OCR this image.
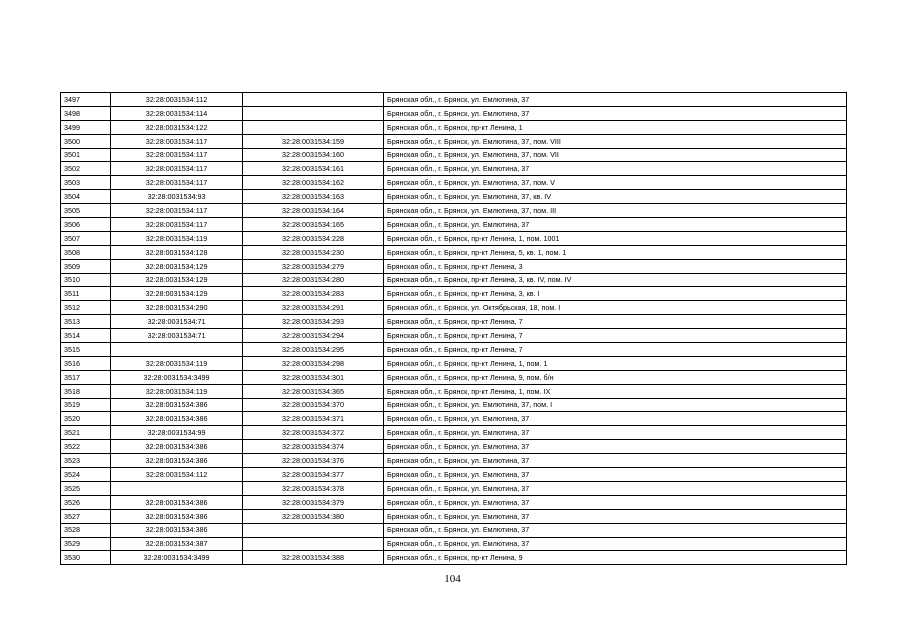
3497	32:28:0031534:112		Брянская обл., г. Брянск, ул. Емлютина, 37
3498	32:28:0031534:114		Брянская обл., г. Брянск, ул. Емлютина, 37
3499	32:28:0031534:122		Брянская обл., г. Брянск, пр-кт Ленина, 1
3500	32:28:0031534:117	32:28:0031534:159	Брянская обл., г. Брянск, ул. Емлютина, 37, пом. VIII
3501	32:28:0031534:117	32:28:0031534:160	Брянская обл., г. Брянск, ул. Емлютина, 37, пом. VII
3502	32:28:0031534:117	32:28:0031534:161	Брянская обл., г. Брянск, ул. Емлютина, 37
3503	32:28:0031534:117	32:28:0031534:162	Брянская обл., г. Брянск, ул. Емлютина, 37, пом. V
3504	32:28:0031534:93	32:28:0031534:163	Брянская обл., г. Брянск, ул. Емлютина, 37, кв. IV
3505	32:28:0031534:117	32:28:0031534:164	Брянская обл., г. Брянск, ул. Емлютина, 37, пом. III
3506	32:28:0031534:117	32:28:0031534:165	Брянская обл., г. Брянск, ул. Емлютина, 37
3507	32:28:0031534:119	32:28:0031534:228	Брянская обл., г. Брянск, пр-кт Ленина, 1, пом. 1001
3508	32:28:0031534:128	32:28:0031534:230	Брянская обл., г. Брянск, пр-кт Ленина, 5, кв. 1, пом. 1
3509	32:28:0031534:129	32:28:0031534:279	Брянская обл., г. Брянск, пр-кт Ленина, 3
3510	32:28:0031534:129	32:28:0031534:280	Брянская обл., г. Брянск, пр-кт Ленина, 3, кв. IV, пом. IV
3511	32:28:0031534:129	32:28:0031534:283	Брянская обл., г. Брянск, пр-кт Ленина, 3, кв. I
3512	32:28:0031534:290	32:28:0031534:291	Брянская обл., г. Брянск, ул. Октябрьская, 18, пом. I
3513	32:28:0031534:71	32:28:0031534:293	Брянская обл., г. Брянск, пр-кт Ленина, 7
3514	32:28:0031534:71	32:28:0031534:294	Брянская обл., г. Брянск, пр-кт Ленина, 7
3515		32:28:0031534:295	Брянская обл., г. Брянск, пр-кт Ленина, 7
3516	32:28:0031534:119	32:28:0031534:298	Брянская обл., г. Брянск, пр-кт Ленина, 1, пом. 1
3517	32:28:0031534:3499	32:28:0031534:301	Брянская обл., г. Брянск, пр-кт Ленина, 9, пом. б/н
3518	32:28:0031534:119	32:28:0031534:365	Брянская обл., г. Брянск, пр-кт Ленина, 1, пом. IX
3519	32:28:0031534:386	32:28:0031534:370	Брянская обл., г. Брянск, ул. Емлютина, 37, пом. I
3520	32:28:0031534:386	32:28:0031534:371	Брянская обл., г. Брянск, ул. Емлютина, 37
3521	32:28:0031534:99	32:28:0031534:372	Брянская обл., г. Брянск, ул. Емлютина, 37
3522	32:28:0031534:386	32:28:0031534:374	Брянская обл., г. Брянск, ул. Емлютина, 37
3523	32:28:0031534:386	32:28:0031534:376	Брянская обл., г. Брянск, ул. Емлютина, 37
3524	32:28:0031534:112	32:28:0031534:377	Брянская обл., г. Брянск, ул. Емлютина, 37
3525		32:28:0031534:378	Брянская обл., г. Брянск, ул. Емлютина, 37
3526	32:28:0031534:386	32:28:0031534:379	Брянская обл., г. Брянск, ул. Емлютина, 37
3527	32:28:0031534:386	32:28:0031534:380	Брянская обл., г. Брянск, ул. Емлютина, 37
3528	32:28:0031534:386		Брянская обл., г. Брянск, ул. Емлютина, 37
3529	32:28:0031534:387		Брянская обл., г. Брянск, ул. Емлютина, 37
3530	32:28:0031534:3499	32:28:0031534:388	Брянская обл., г. Брянск, пр-кт Ленина, 9
104
